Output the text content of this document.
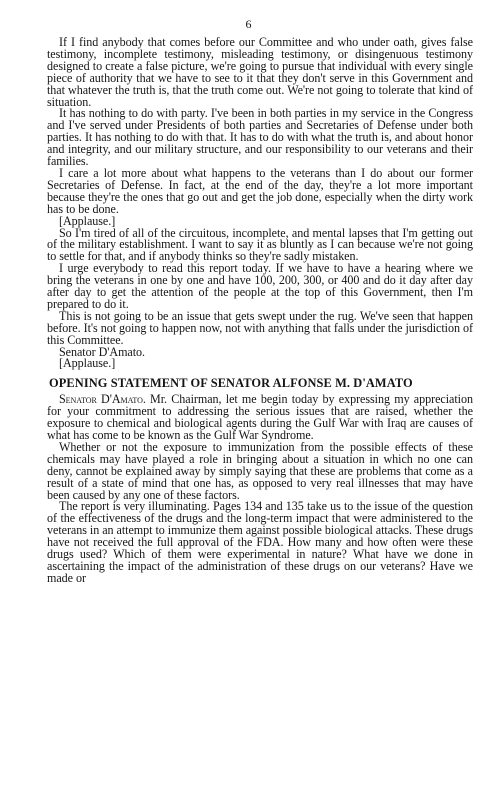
6

If I find anybody that comes before our Committee and who under oath, gives false testimony, incomplete testimony, misleading testimony, or disingenuous testimony designed to create a false picture, we're going to pursue that individual with every single piece of authority that we have to see to it that they don't serve in this Government and that whatever the truth is, that the truth come out. We're not going to tolerate that kind of situation.

It has nothing to do with party. I've been in both parties in my service in the Congress and I've served under Presidents of both parties and Secretaries of Defense under both parties. It has nothing to do with that. It has to do with what the truth is, and about honor and integrity, and our military structure, and our responsibility to our veterans and their families.

I care a lot more about what happens to the veterans than I do about our former Secretaries of Defense. In fact, at the end of the day, they're a lot more important because they're the ones that go out and get the job done, especially when the dirty work has to be done.

[Applause.]

So I'm tired of all of the circuitous, incomplete, and mental lapses that I'm getting out of the military establishment. I want to say it as bluntly as I can because we're not going to settle for that, and if anybody thinks so they're sadly mistaken.

I urge everybody to read this report today. If we have to have a hearing where we bring the veterans in one by one and have 100, 200, 300, or 400 and do it day after day after day to get the attention of the people at the top of this Government, then I'm prepared to do it.

This is not going to be an issue that gets swept under the rug. We've seen that happen before. It's not going to happen now, not with anything that falls under the jurisdiction of this Committee.

Senator D'Amato.

[Applause.]

OPENING STATEMENT OF SENATOR ALFONSE M. D'AMATO

Senator D'Amato. Mr. Chairman, let me begin today by expressing my appreciation for your commitment to addressing the serious issues that are raised, whether the exposure to chemical and biological agents during the Gulf War with Iraq are causes of what has come to be known as the Gulf War Syndrome.

Whether or not the exposure to immunization from the possible effects of these chemicals may have played a role in bringing about a situation in which no one can deny, cannot be explained away by simply saying that these are problems that come as a result of a state of mind that one has, as opposed to very real illnesses that may have been caused by any one of these factors.

The report is very illuminating. Pages 134 and 135 take us to the issue of the question of the effectiveness of the drugs and the long-term impact that were administered to the veterans in an attempt to immunize them against possible biological attacks. These drugs have not received the full approval of the FDA. How many and how often were these drugs used? Which of them were experimental in nature? What have we done in ascertaining the impact of the administration of these drugs on our veterans? Have we made or
